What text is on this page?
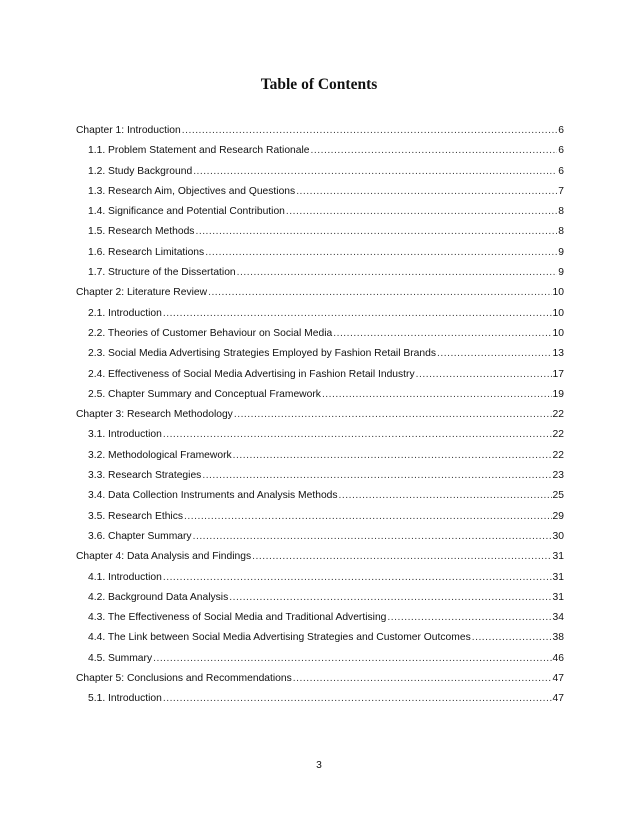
Table of Contents
Chapter 1: Introduction .....	6
1.1. Problem Statement and Research Rationale .....	6
1.2. Study Background .....	6
1.3. Research Aim, Objectives and Questions .....	7
1.4. Significance and Potential Contribution .....	8
1.5. Research Methods .....	8
1.6. Research Limitations .....	9
1.7. Structure of the Dissertation .....	9
Chapter 2: Literature Review .....	10
2.1. Introduction .....	10
2.2. Theories of Customer Behaviour on Social Media .....	10
2.3. Social Media Advertising Strategies Employed by Fashion Retail Brands .....	13
2.4. Effectiveness of Social Media Advertising in Fashion Retail Industry .....	17
2.5. Chapter Summary and Conceptual Framework .....	19
Chapter 3: Research Methodology .....	22
3.1. Introduction .....	22
3.2. Methodological Framework .....	22
3.3. Research Strategies .....	23
3.4. Data Collection Instruments and Analysis Methods .....	25
3.5. Research Ethics .....	29
3.6. Chapter Summary .....	30
Chapter 4: Data Analysis and Findings .....	31
4.1. Introduction .....	31
4.2. Background Data Analysis .....	31
4.3. The Effectiveness of Social Media and Traditional Advertising .....	34
4.4. The Link between Social Media Advertising Strategies and Customer Outcomes .....	38
4.5. Summary .....	46
Chapter 5: Conclusions and Recommendations .....	47
5.1. Introduction .....	47
3
